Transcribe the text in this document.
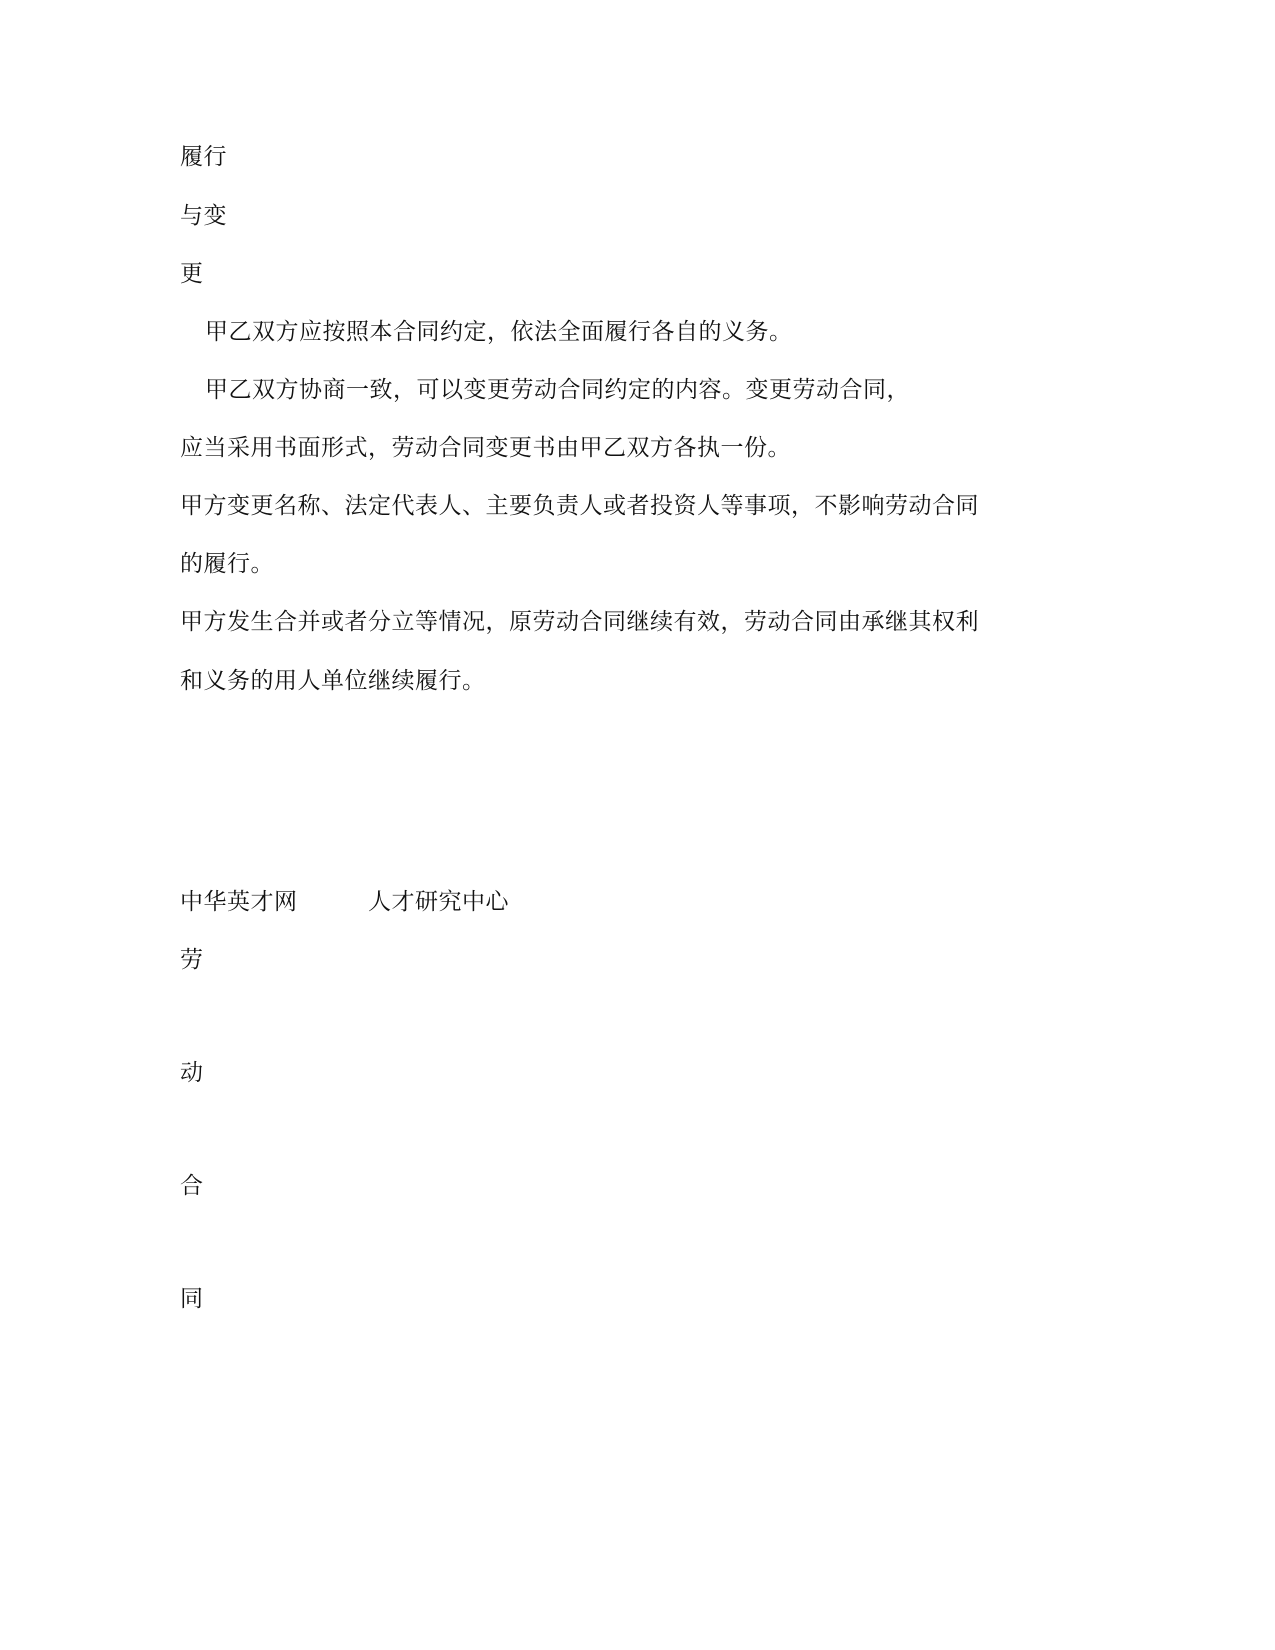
履行
与变
更
甲乙双方应按照本合同约定，依法全面履行各自的义务。
甲乙双方协商一致，可以变更劳动合同约定的内容。变更劳动合同，
应当采用书面形式，劳动合同变更书由甲乙双方各执一份。
甲方变更名称、法定代表人、主要负责人或者投资人等事项，不影响劳动合同
的履行。
甲方发生合并或者分立等情况，原劳动合同继续有效，劳动合同由承继其权利
和义务的用人单位继续履行。
中华英才网	人才研究中心
劳
动
合
同
